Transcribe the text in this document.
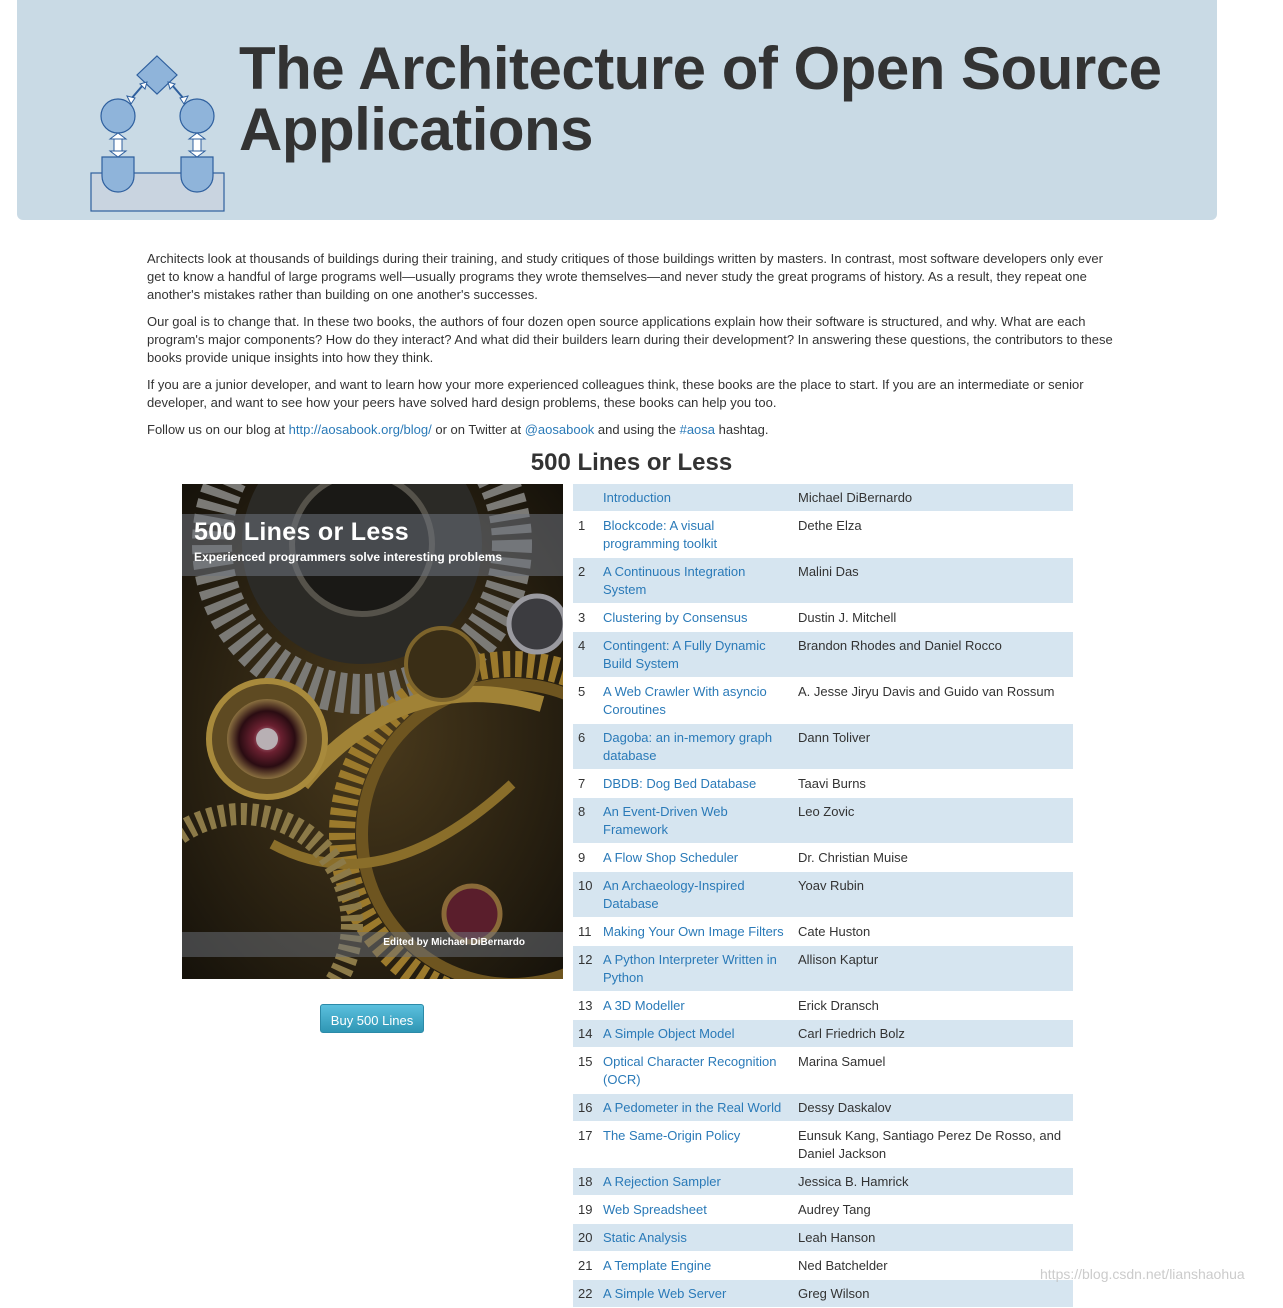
The Architecture of Open Source
Applications

Architects look at thousands of buildings during their training, and study critiques of those buildings written by masters. In contrast, most software developers only ever get to know a handful of large programs well—usually programs they wrote themselves—and never study the great programs of history. As a result, they repeat one another's mistakes rather than building on one another's successes.

Our goal is to change that. In these two books, the authors of four dozen open source applications explain how their software is structured, and why. What are each program's major components? How do they interact? And what did their builders learn during their development? In answering these questions, the contributors to these books provide unique insights into how they think.

If you are a junior developer, and want to learn how your more experienced colleagues think, these books are the place to start. If you are an intermediate or senior developer, and want to see how your peers have solved hard design problems, these books can help you too.

Follow us on our blog at http://aosabook.org/blog/ or on Twitter at @aosabook and using the #aosa hashtag.

500 Lines or Less
500 Lines or Less
Experienced programmers solve interesting problems
Edited by Michael DiBernardo
Buy 500 Lines
	Introduction	Michael DiBernardo
1	Blockcode: A visual programming toolkit	Dethe Elza
2	A Continuous Integration System	Malini Das
3	Clustering by Consensus	Dustin J. Mitchell
4	Contingent: A Fully Dynamic Build System	Brandon Rhodes and Daniel Rocco
5	A Web Crawler With asyncio Coroutines	A. Jesse Jiryu Davis and Guido van Rossum
6	Dagoba: an in-memory graph database	Dann Toliver
7	DBDB: Dog Bed Database	Taavi Burns
8	An Event-Driven Web Framework	Leo Zovic
9	A Flow Shop Scheduler	Dr. Christian Muise
10	An Archaeology-Inspired Database	Yoav Rubin
11	Making Your Own Image Filters	Cate Huston
12	A Python Interpreter Written in Python	Allison Kaptur
13	A 3D Modeller	Erick Dransch
14	A Simple Object Model	Carl Friedrich Bolz
15	Optical Character Recognition (OCR)	Marina Samuel
16	A Pedometer in the Real World	Dessy Daskalov
17	The Same-Origin Policy	Eunsuk Kang, Santiago Perez De Rosso, and Daniel Jackson
18	A Rejection Sampler	Jessica B. Hamrick
19	Web Spreadsheet	Audrey Tang
20	Static Analysis	Leah Hanson
21	A Template Engine	Ned Batchelder
22	A Simple Web Server	Greg Wilson
https://blog.csdn.net/lianshaohua
